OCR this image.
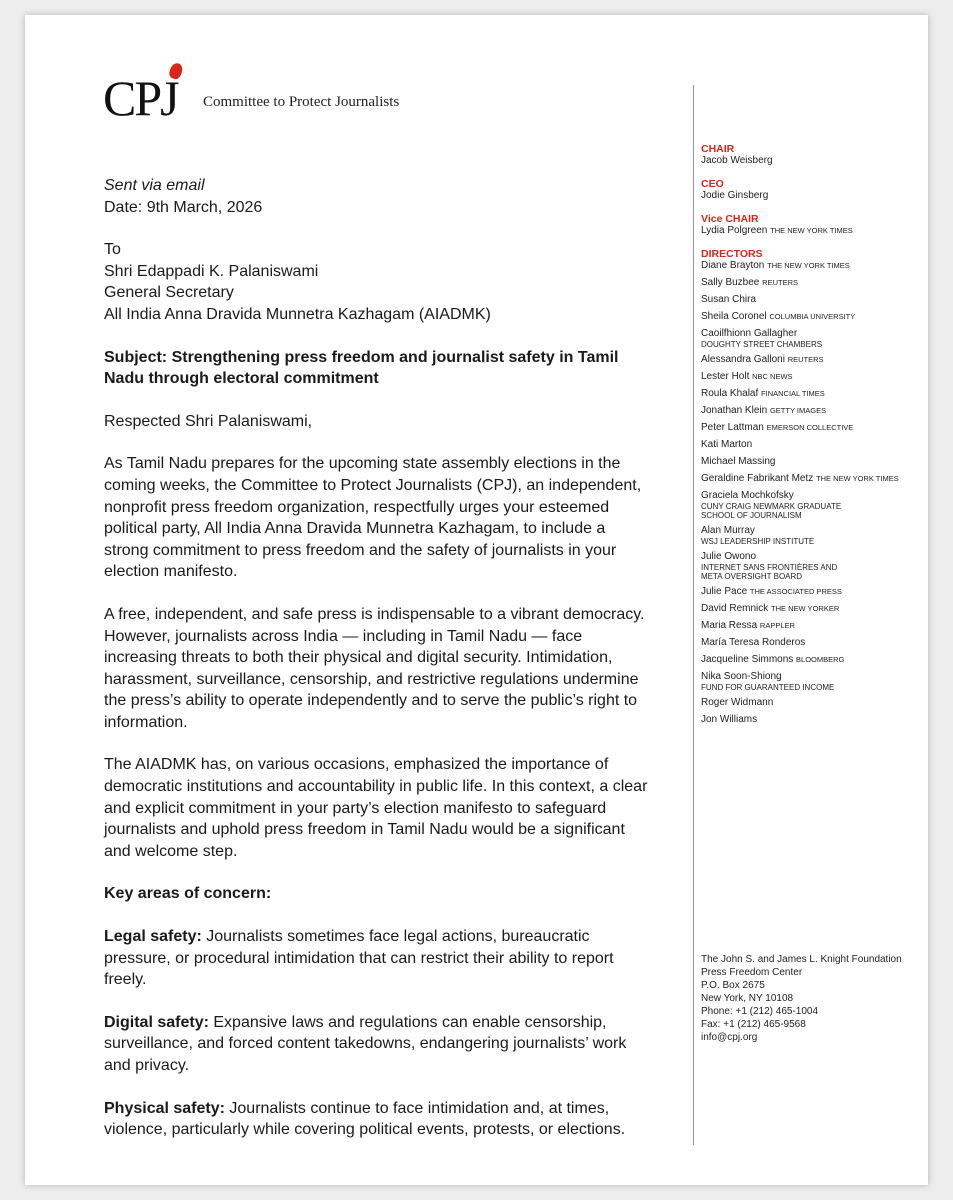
CPJ Committee to Protect Journalists

Sent via email

Date: 9th March, 2026

To

Shri Edappadi K. Palaniswami

General Secretary

All India Anna Dravida Munnetra Kazhagam (AIADMK)

Subject: Strengthening press freedom and journalist safety in Tamil Nadu through electoral commitment

Respected Shri Palaniswami,

As Tamil Nadu prepares for the upcoming state assembly elections in the coming weeks, the Committee to Protect Journalists (CPJ), an independent, nonprofit press freedom organization, respectfully urges your esteemed political party, All India Anna Dravida Munnetra Kazhagam, to include a strong commitment to press freedom and the safety of journalists in your election manifesto.

A free, independent, and safe press is indispensable to a vibrant democracy. However, journalists across India — including in Tamil Nadu — face increasing threats to both their physical and digital security. Intimidation, harassment, surveillance, censorship, and restrictive regulations undermine the press’s ability to operate independently and to serve the public’s right to information.

The AIADMK has, on various occasions, emphasized the importance of democratic institutions and accountability in public life. In this context, a clear and explicit commitment in your party’s election manifesto to safeguard journalists and uphold press freedom in Tamil Nadu would be a significant and welcome step.

Key areas of concern:

Legal safety: Journalists sometimes face legal actions, bureaucratic pressure, or procedural intimidation that can restrict their ability to report freely.

Digital safety: Expansive laws and regulations can enable censorship, surveillance, and forced content takedowns, endangering journalists’ work and privacy.

Physical safety: Journalists continue to face intimidation and, at times, violence, particularly while covering political events, protests, or elections.

CHAIR
Jacob Weisberg
CEO
Jodie Ginsberg
Vice CHAIR
Lydia Polgreen THE NEW YORK TIMES
DIRECTORS
Diane Brayton THE NEW YORK TIMES
Sally Buzbee REUTERS
Susan Chira
Sheila Coronel COLUMBIA UNIVERSITY
Caoilfhionn Gallagher
DOUGHTY STREET CHAMBERS
Alessandra Galloni REUTERS
Lester Holt NBC NEWS
Roula Khalaf FINANCIAL TIMES
Jonathan Klein GETTY IMAGES
Peter Lattman EMERSON COLLECTIVE
Kati Marton
Michael Massing
Geraldine Fabrikant Metz THE NEW YORK TIMES
Graciela Mochkofsky
CUNY CRAIG NEWMARK GRADUATE
SCHOOL OF JOURNALISM
Alan Murray
WSJ LEADERSHIP INSTITUTE
Julie Owono
INTERNET SANS FRONTIÈRES AND
META OVERSIGHT BOARD
Julie Pace THE ASSOCIATED PRESS
David Remnick THE NEW YORKER
Maria Ressa RAPPLER
María Teresa Ronderos
Jacqueline Simmons BLOOMBERG
Nika Soon-Shiong
FUND FOR GUARANTEED INCOME
Roger Widmann
Jon Williams
The John S. and James L. Knight Foundation
Press Freedom Center
P.O. Box 2675
New York, NY 10108
Phone: +1 (212) 465-1004
Fax: +1 (212) 465-9568
info@cpj.org
